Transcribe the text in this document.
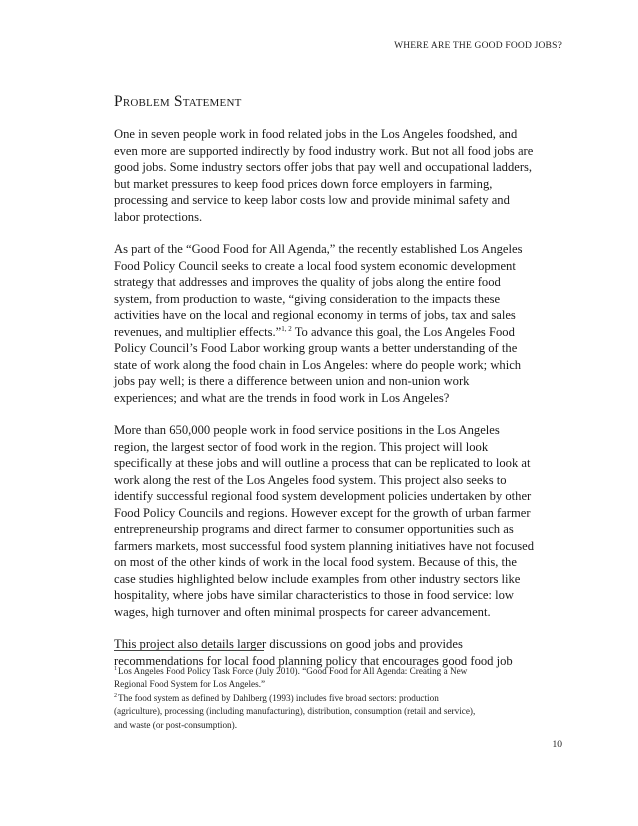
WHERE ARE THE GOOD FOOD JOBS?
Problem Statement

One in seven people work in food related jobs in the Los Angeles foodshed, and
even more are supported indirectly by food industry work. But not all food jobs are
good jobs. Some industry sectors offer jobs that pay well and occupational ladders,
but market pressures to keep food prices down force employers in farming,
processing and service to keep labor costs low and provide minimal safety and
labor protections.

As part of the “Good Food for All Agenda,” the recently established Los Angeles
Food Policy Council seeks to create a local food system economic development
strategy that addresses and improves the quality of jobs along the entire food
system, from production to waste, “giving consideration to the impacts these
activities have on the local and regional economy in terms of jobs, tax and sales
revenues, and multiplier effects.”$^{1, 2}$ To advance this goal, the Los Angeles Food
Policy Council’s Food Labor working group wants a better understanding of the
state of work along the food chain in Los Angeles: where do people work; which
jobs pay well; is there a difference between union and non-union work
experiences; and what are the trends in food work in Los Angeles?

More than 650,000 people work in food service positions in the Los Angeles
region, the largest sector of food work in the region. This project will look
specifically at these jobs and will outline a process that can be replicated to look at
work along the rest of the Los Angeles food system. This project also seeks to
identify successful regional food system development policies undertaken by other
Food Policy Councils and regions. However except for the growth of urban farmer
entrepreneurship programs and direct farmer to consumer opportunities such as
farmers markets, most successful food system planning initiatives have not focused
on most of the other kinds of work in the local food system. Because of this, the
case studies highlighted below include examples from other industry sectors like
hospitality, where jobs have similar characteristics to those in food service: low
wages, high turnover and often minimal prospects for career advancement.

This project also details larger discussions on good jobs and provides
recommendations for local food planning policy that encourages good food job

$^1$Los Angeles Food Policy Task Force (July 2010). “Good Food for All Agenda: Creating a New
Regional Food System for Los Angeles.”
$^2$The food system as defined by Dahlberg (1993) includes five broad sectors: production
(agriculture), processing (including manufacturing), distribution, consumption (retail and service),
and waste (or post-consumption).
10
